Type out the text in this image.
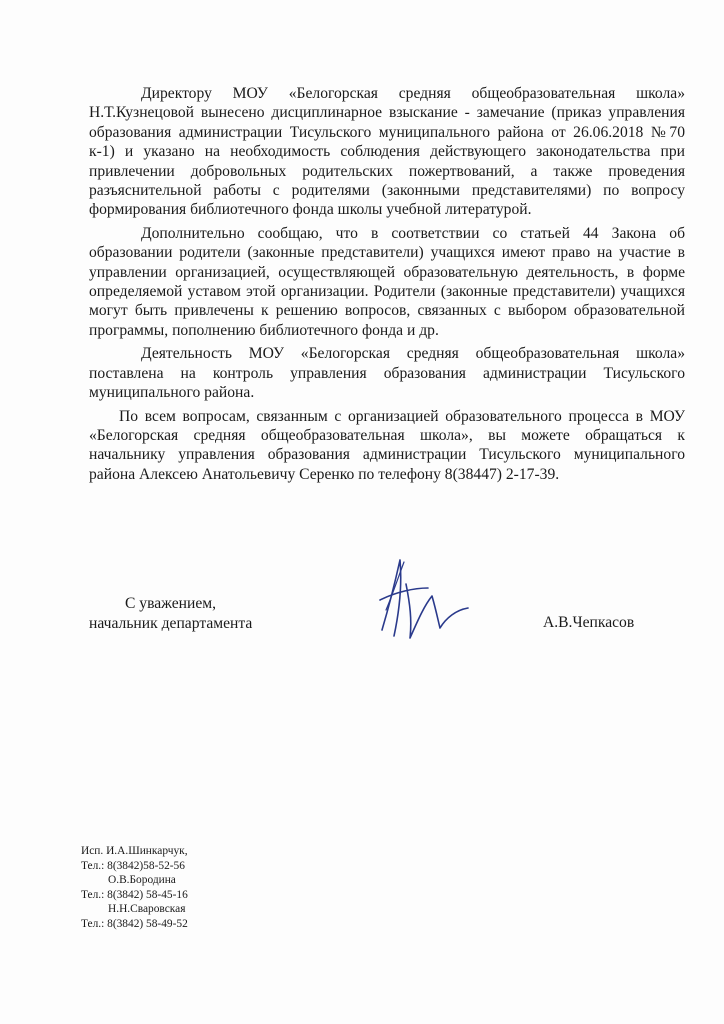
Директору МОУ «Белогорская средняя общеобразовательная школа» Н.Т.Кузнецовой вынесено дисциплинарное взыскание - замечание (приказ управления образования администрации Тисульского муниципального района от 26.06.2018 №70 к-1) и указано на необходимость соблюдения действующего законодательства при привлечении добровольных родительских пожертвований, а также проведения разъяснительной работы с родителями (законными представителями) по вопросу формирования библиотечного фонда школы учебной литературой.

Дополнительно сообщаю, что в соответствии со статьей 44 Закона об образовании родители (законные представители) учащихся имеют право на участие в управлении организацией, осуществляющей образовательную деятельность, в форме определяемой уставом этой организации. Родители (законные представители) учащихся могут быть привлечены к решению вопросов, связанных с выбором образовательной программы, пополнению библиотечного фонда и др.

Деятельность МОУ «Белогорская средняя общеобразовательная школа» поставлена на контроль управления образования администрации Тисульского муниципального района.

По всем вопросам, связанным с организацией образовательного процесса в МОУ «Белогорская средняя общеобразовательная школа», вы можете обращаться к начальнику управления образования администрации Тисульского муниципального района Алексею Анатольевичу Серенко по телефону 8(38447) 2-17-39.

С уважением,
начальник департамента	А.В.Чепкасов
Исп. И.А.Шинкарчук,
Тел.: 8(3842)58-52-56
О.В.Бородина
Тел.: 8(3842) 58-45-16
Н.Н.Сваровская
Тел.: 8(3842) 58-49-52
